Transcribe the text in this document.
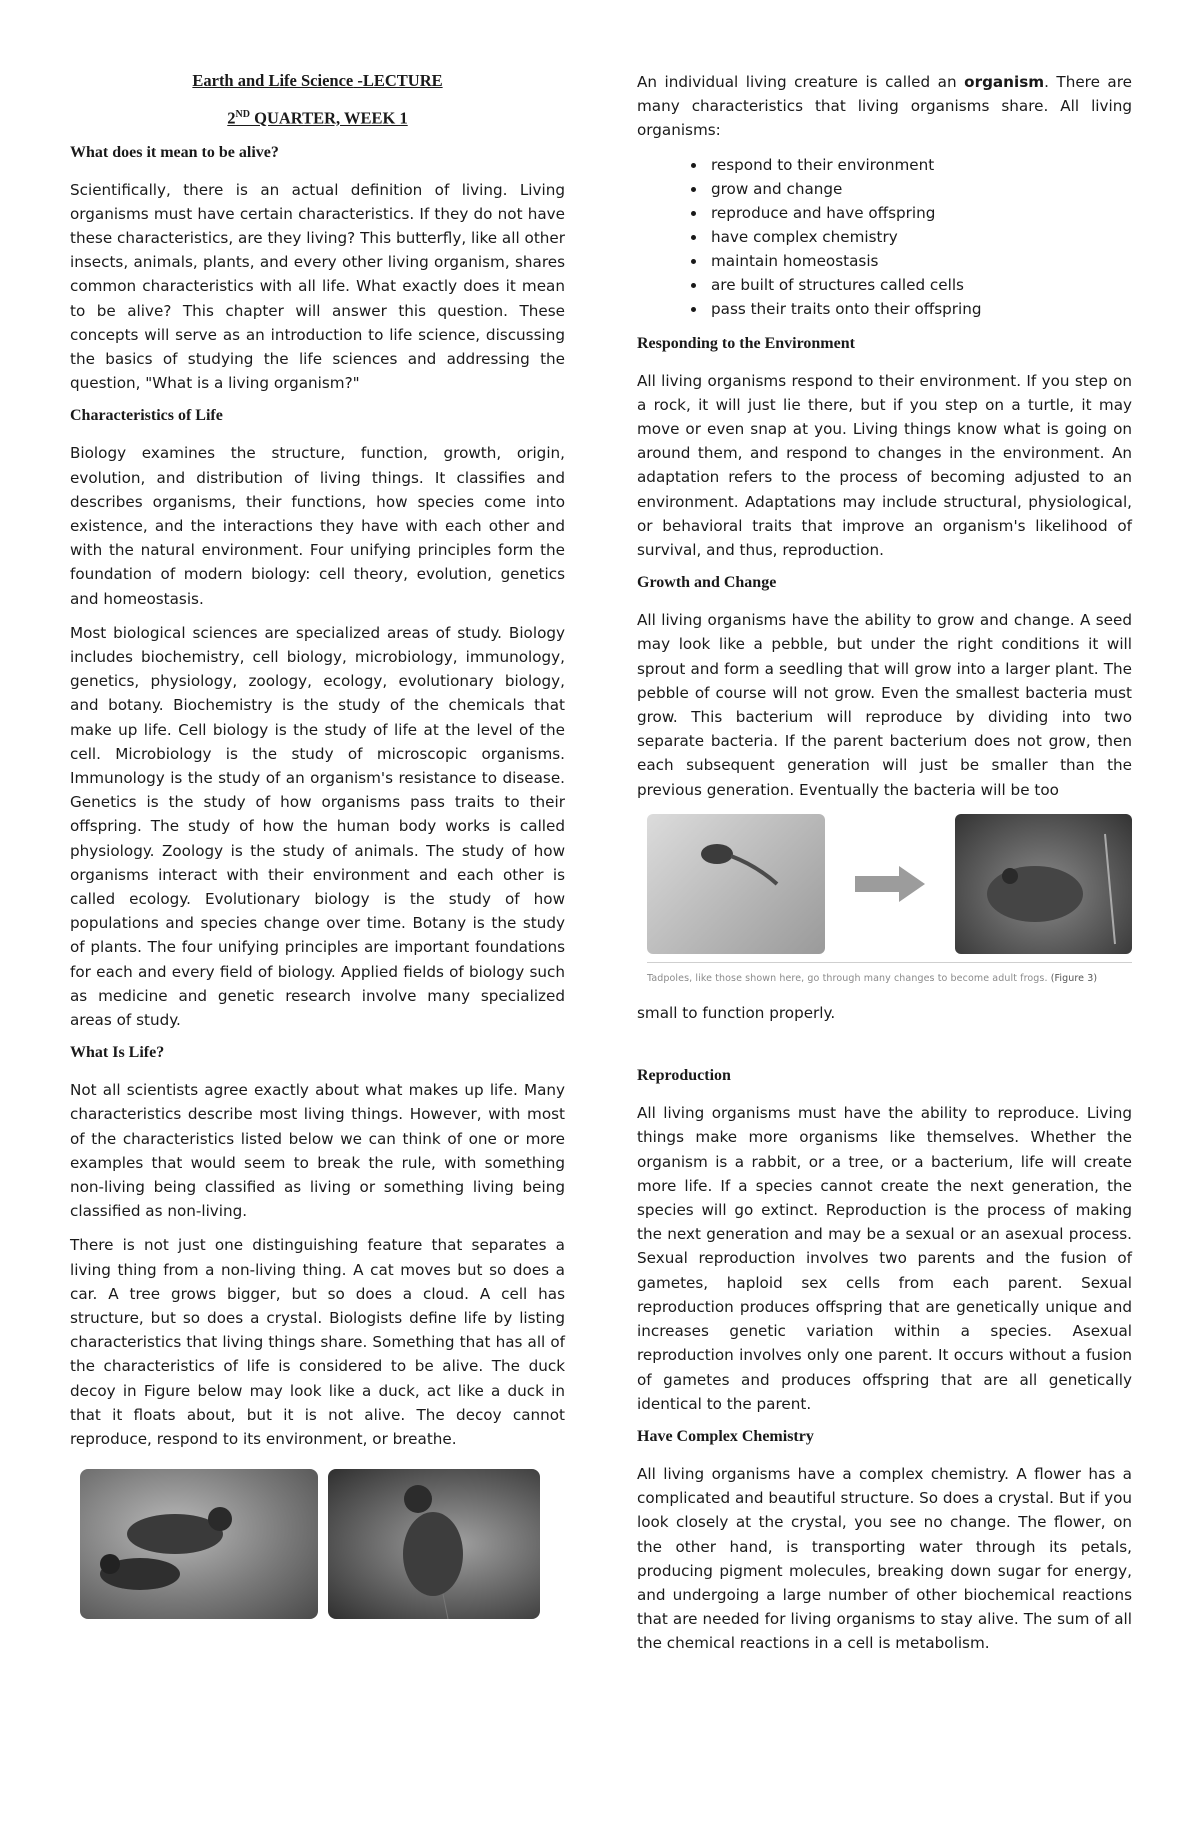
Earth and Life Science -LECTURE
2ND QUARTER, WEEK 1
What does it mean to be alive?

Scientifically, there is an actual definition of living. Living organisms must have certain characteristics. If they do not have these characteristics, are they living? This butterfly, like all other insects, animals, plants, and every other living organism, shares common characteristics with all life. What exactly does it mean to be alive? This chapter will answer this question. These concepts will serve as an introduction to life science, discussing the basics of studying the life sciences and addressing the question, "What is a living organism?"

Characteristics of Life

Biology examines the structure, function, growth, origin, evolution, and distribution of living things. It classifies and describes organisms, their functions, how species come into existence, and the interactions they have with each other and with the natural environment. Four unifying principles form the foundation of modern biology: cell theory, evolution, genetics and homeostasis.

Most biological sciences are specialized areas of study. Biology includes biochemistry, cell biology, microbiology, immunology, genetics, physiology, zoology, ecology, evolutionary biology, and botany. Biochemistry is the study of the chemicals that make up life. Cell biology is the study of life at the level of the cell. Microbiology is the study of microscopic organisms. Immunology is the study of an organism's resistance to disease. Genetics is the study of how organisms pass traits to their offspring. The study of how the human body works is called physiology. Zoology is the study of animals. The study of how organisms interact with their environment and each other is called ecology. Evolutionary biology is the study of how populations and species change over time. Botany is the study of plants. The four unifying principles are important foundations for each and every field of biology. Applied fields of biology such as medicine and genetic research involve many specialized areas of study.

What Is Life?

Not all scientists agree exactly about what makes up life. Many characteristics describe most living things. However, with most of the characteristics listed below we can think of one or more examples that would seem to break the rule, with something non-living being classified as living or something living being classified as non-living.

There is not just one distinguishing feature that separates a living thing from a non-living thing. A cat moves but so does a car. A tree grows bigger, but so does a cloud. A cell has structure, but so does a crystal. Biologists define life by listing characteristics that living things share. Something that has all of the characteristics of life is considered to be alive. The duck decoy in Figure below may look like a duck, act like a duck in that it floats about, but it is not alive. The decoy cannot reproduce, respond to its environment, or breathe.

An individual living creature is called an organism. There are many characteristics that living organisms share. All living organisms:

• respond to their environment
• grow and change
• reproduce and have offspring
• have complex chemistry
• maintain homeostasis
• are built of structures called cells
• pass their traits onto their offspring
Responding to the Environment

All living organisms respond to their environment. If you step on a rock, it will just lie there, but if you step on a turtle, it may move or even snap at you. Living things know what is going on around them, and respond to changes in the environment. An adaptation refers to the process of becoming adjusted to an environment. Adaptations may include structural, physiological, or behavioral traits that improve an organism's likelihood of survival, and thus, reproduction.

Growth and Change

All living organisms have the ability to grow and change. A seed may look like a pebble, but under the right conditions it will sprout and form a seedling that will grow into a larger plant. The pebble of course will not grow. Even the smallest bacteria must grow. This bacterium will reproduce by dividing into two separate bacteria. If the parent bacterium does not grow, then each subsequent generation will just be smaller than the previous generation. Eventually the bacteria will be too

Tadpoles, like those shown here, go through many changes to become adult frogs. (Figure 3)

small to function properly.

Reproduction

All living organisms must have the ability to reproduce. Living things make more organisms like themselves. Whether the organism is a rabbit, or a tree, or a bacterium, life will create more life. If a species cannot create the next generation, the species will go extinct. Reproduction is the process of making the next generation and may be a sexual or an asexual process. Sexual reproduction involves two parents and the fusion of gametes, haploid sex cells from each parent. Sexual reproduction produces offspring that are genetically unique and increases genetic variation within a species. Asexual reproduction involves only one parent. It occurs without a fusion of gametes and produces offspring that are all genetically identical to the parent.

Have Complex Chemistry

All living organisms have a complex chemistry. A flower has a complicated and beautiful structure. So does a crystal. But if you look closely at the crystal, you see no change. The flower, on the other hand, is transporting water through its petals, producing pigment molecules, breaking down sugar for energy, and undergoing a large number of other biochemical reactions that are needed for living organisms to stay alive. The sum of all the chemical reactions in a cell is metabolism.
